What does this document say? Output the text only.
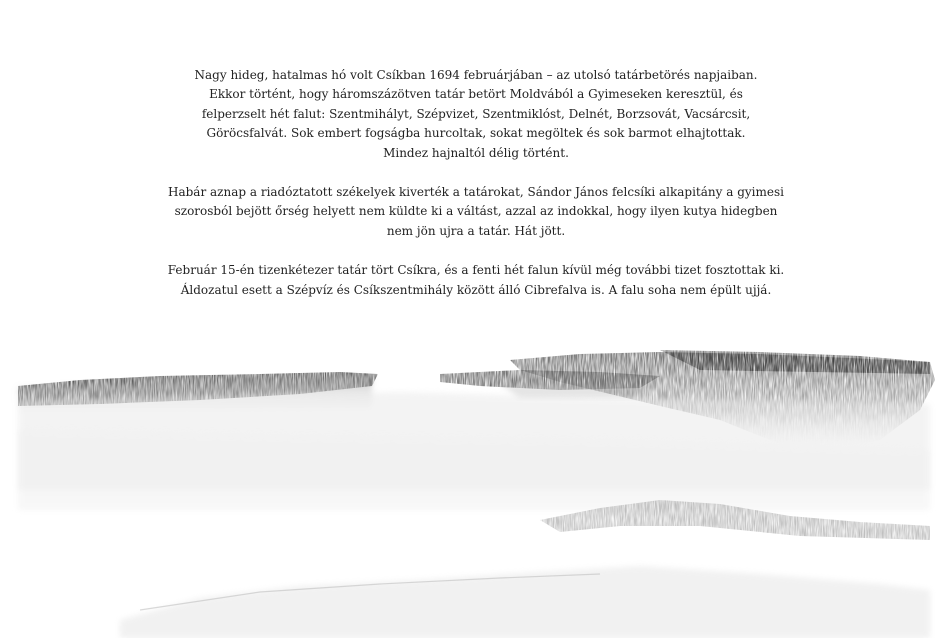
Nagy hideg, hatalmas hó volt Csíkban 1694 februárjában – az utolsó tatárbetörés napjaiban.
Ekkor történt, hogy háromszázötven tatár betört Moldvából a Gyimeseken keresztül, és
felperzselt hét falut: Szentmihályt, Szépvizet, Szentmiklóst, Delnét, Borzsovát, Vacsárcsit,
Göröcsfalvát. Sok embert fogságba hurcoltak, sokat megöltek és sok barmot elhajtottak.
Mindez hajnaltól délig történt.

Habár aznap a riadóztatott székelyek kiverték a tatárokat, Sándor János felcsíki alkapitány a gyimesi
szorosból bejött őrség helyett nem küldte ki a váltást, azzal az indokkal, hogy ilyen kutya hidegben
nem jön ujra a tatár. Hát jött.

Február 15-én tizenkétezer tatár tört Csíkra, és a fenti hét falun kívül még további tizet fosztottak ki.
Áldozatul esett a Szépvíz és Csíkszentmihály között álló Cibrefalva is. A falu soha nem épült ujjá.
